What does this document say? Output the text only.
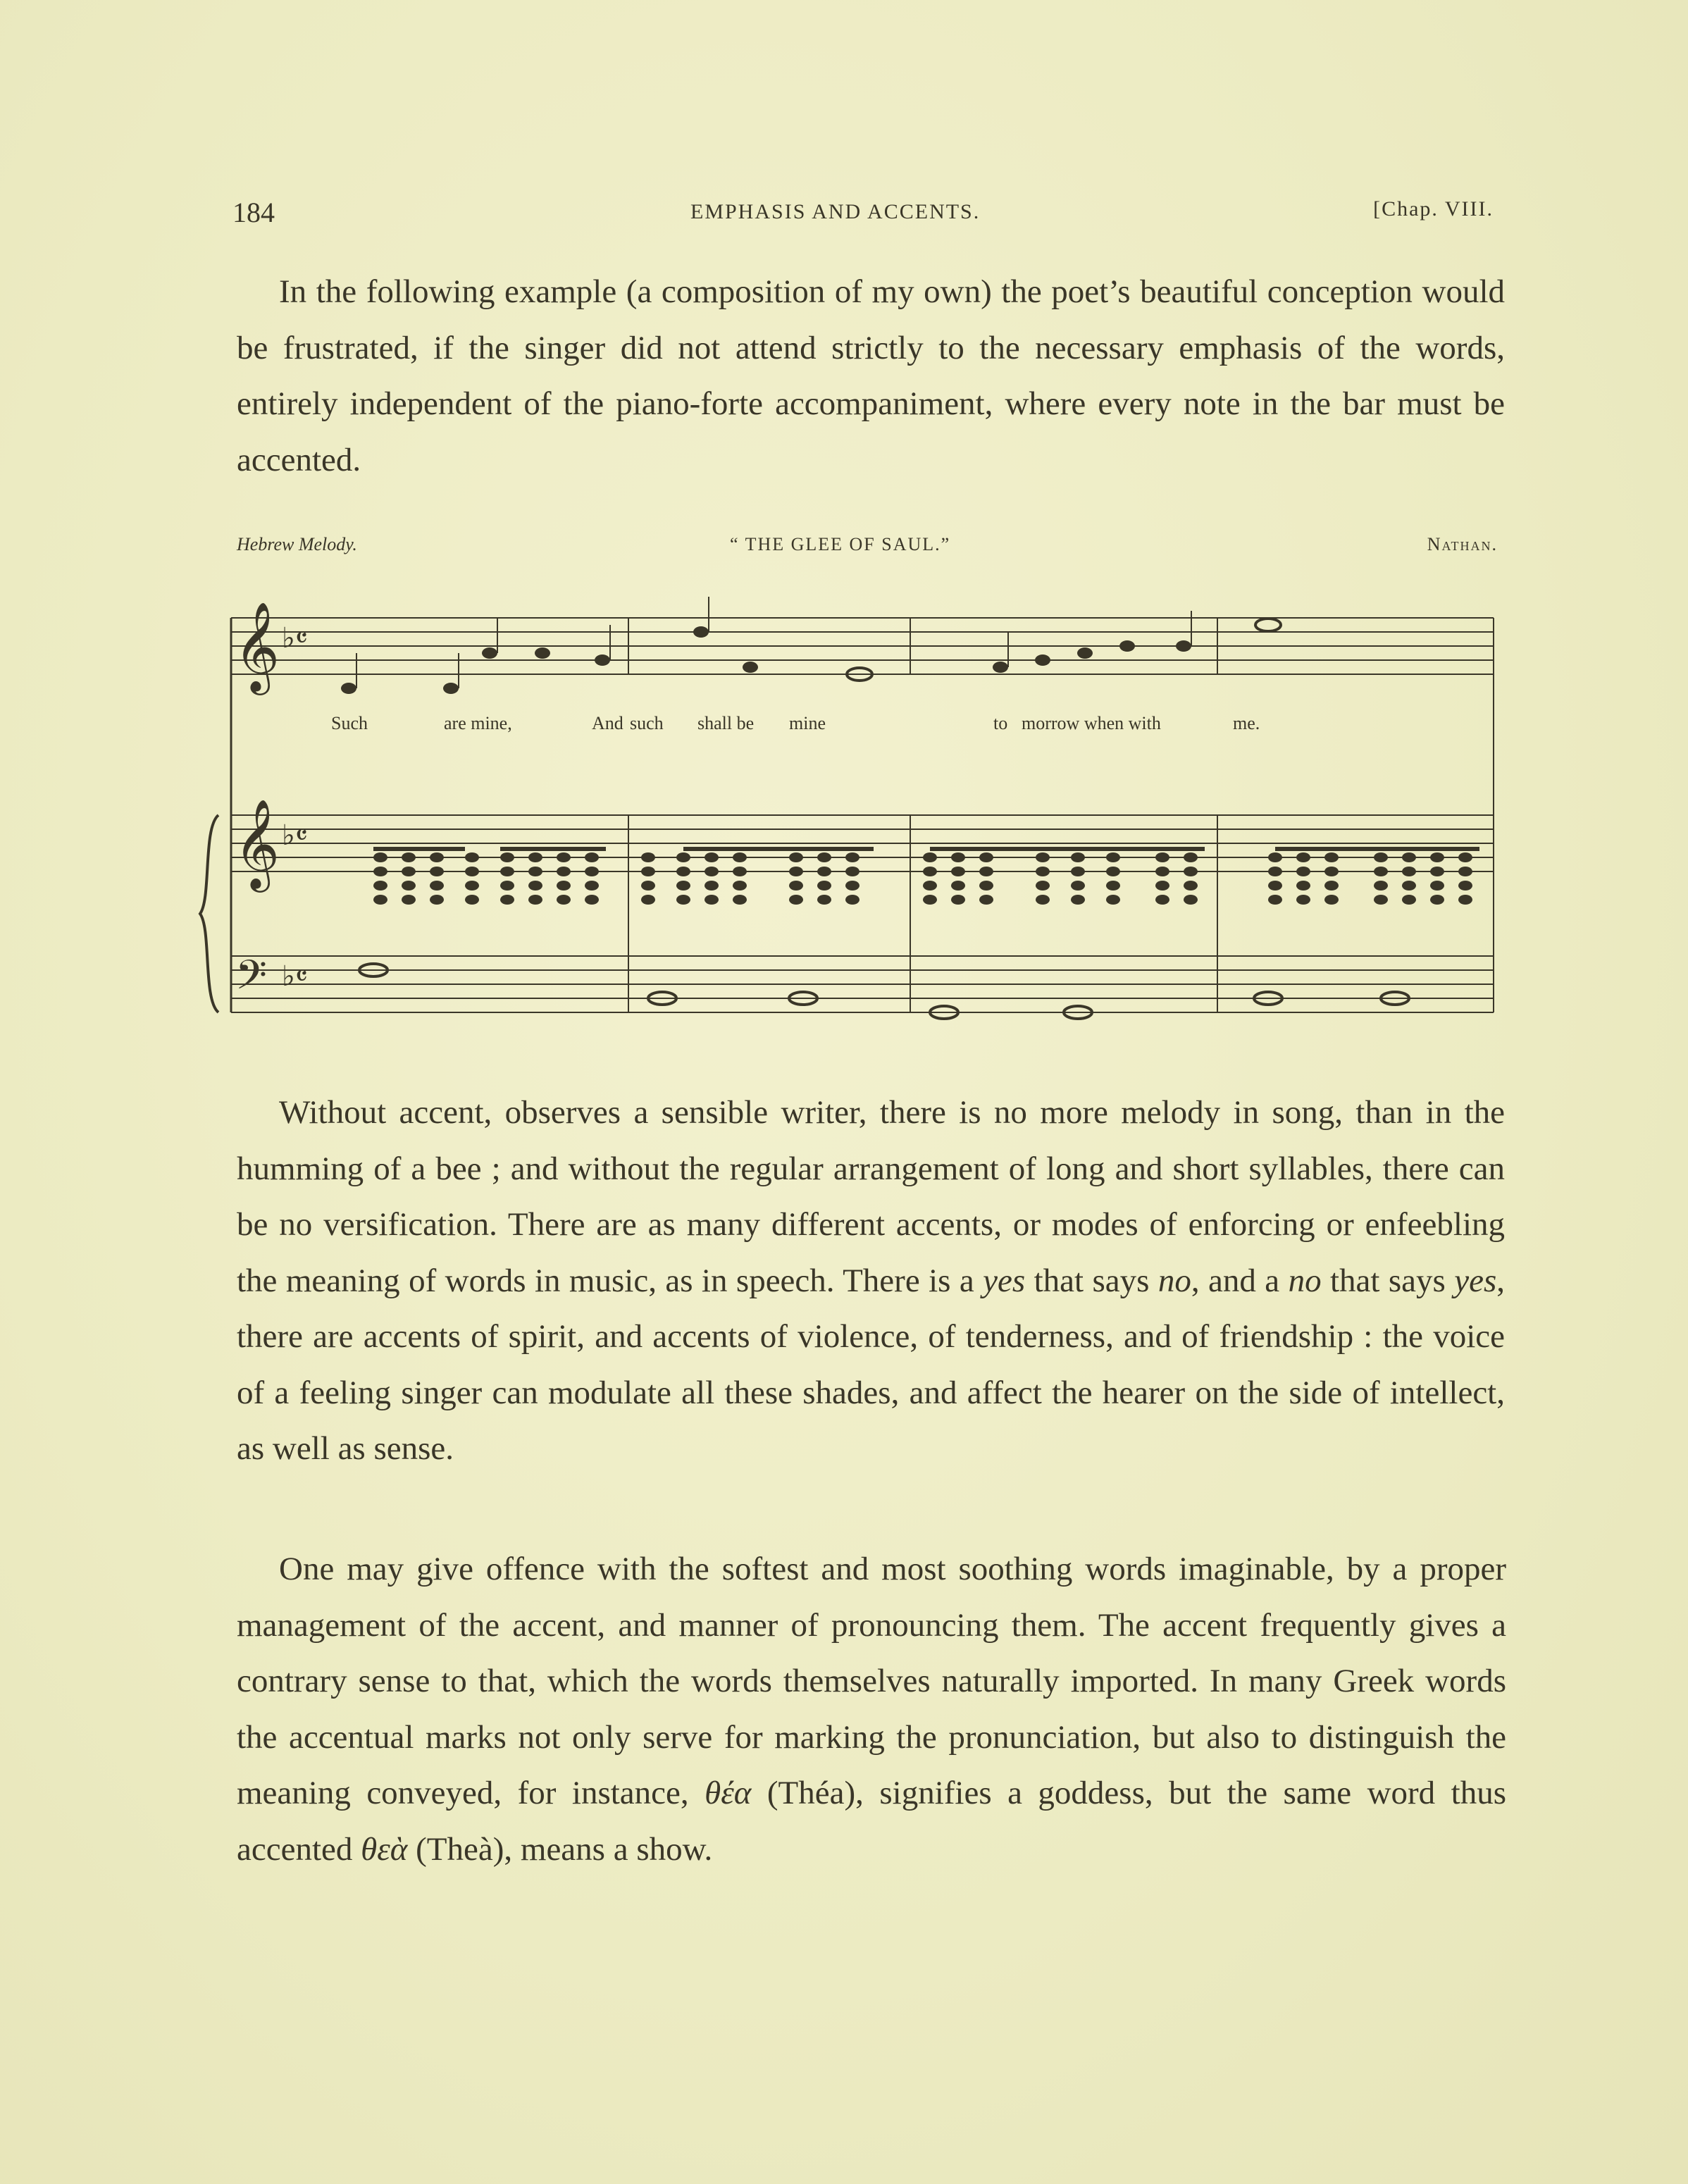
184	EMPHASIS AND ACCENTS.	[Chap. VIII.

In the following example (a composition of my own) the poet’s beautiful conception would be frustrated, if the singer did not attend strictly to the necessary emphasis of the words, entirely independent of the piano-forte accompaniment, where every note in the bar must be accented.

Hebrew Melody.	“ THE GLEE OF SAUL.”	Nathan.
𝄞
𝄞
𝄢
♭𝄴
♭𝄴
♭𝄴
Such	are mine,	And such shall be mine	to morrow when with	me.

Without accent, observes a sensible writer, there is no more melody in song, than in the humming of a bee ; and without the regular arrangement of long and short syllables, there can be no versification. There are as many different accents, or modes of enforcing or enfeebling the meaning of words in music, as in speech. There is a yes that says no, and a no that says yes, there are accents of spirit, and accents of violence, of tenderness, and of friendship : the voice of a feeling singer can modulate all these shades, and affect the hearer on the side of intellect, as well as sense.

One may give offence with the softest and most soothing words imaginable, by a proper management of the accent, and manner of pronouncing them. The accent frequently gives a contrary sense to that, which the words themselves naturally imported. In many Greek words the accentual marks not only serve for marking the pronunciation, but also to distinguish the meaning conveyed, for instance, θέα (Théa), signifies a goddess, but the same word thus accented θεὰ (Theà), means a show.
